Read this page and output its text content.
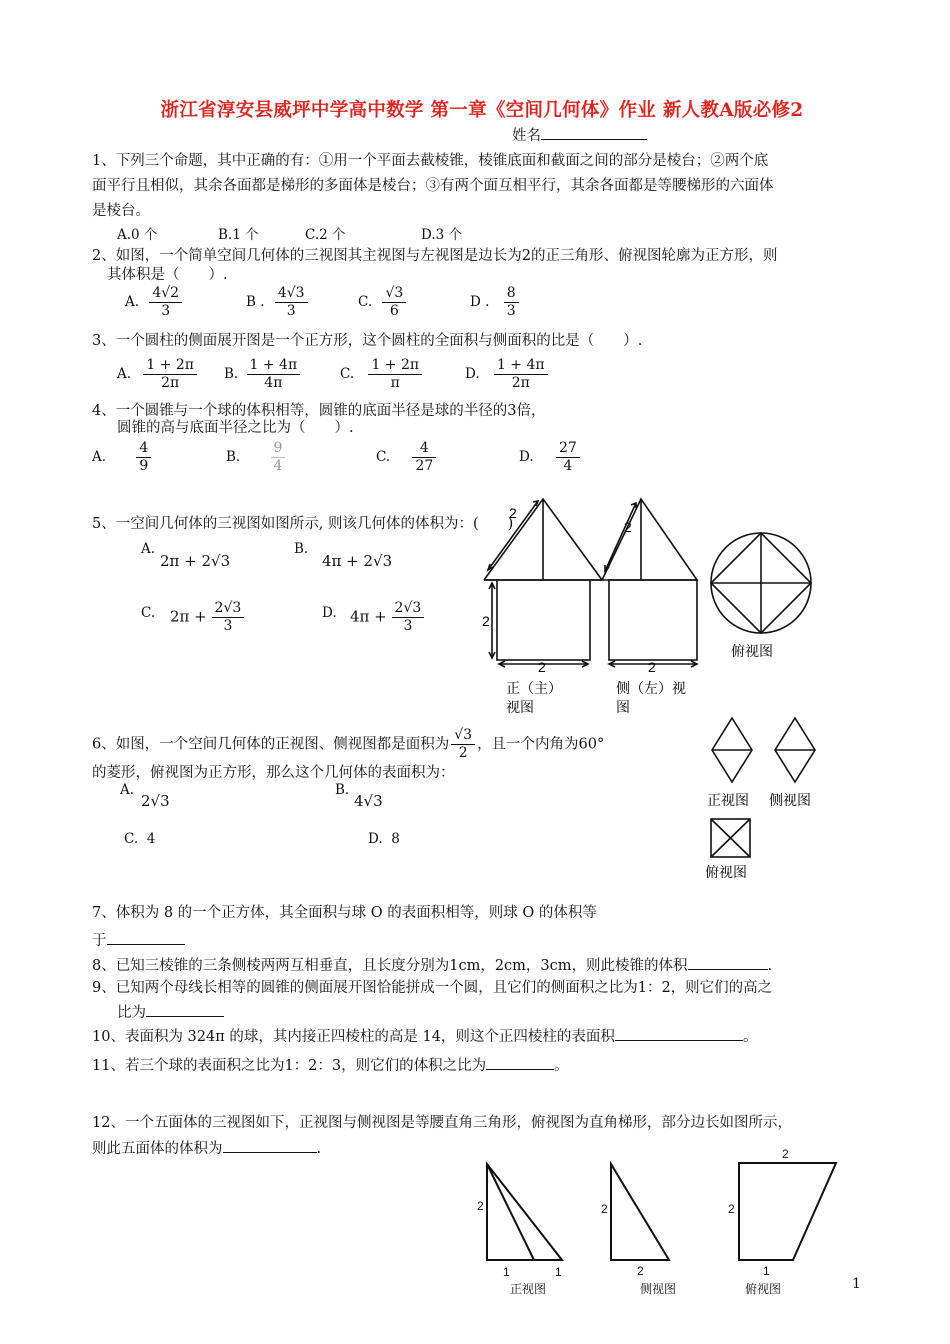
浙江省淳安县威坪中学高中数学 第一章《空间几何体》作业 新人教A版必修2
姓名
1、下列三个命题，其中正确的有：①用一个平面去截棱锥，棱锥底面和截面之间的部分是棱台；②两个底
面平行且相似，其余各面都是梯形的多面体是棱台；③有两个面互相平行，其余各面都是等腰梯形的六面体
是棱台。
A.0 个	B.1 个	C.2 个	D.3 个
2、如图，一个简单空间几何体的三视图其主视图与左视图是边长为2的正三角形、俯视图轮廓为正方形，则
其体积是（　　）.
A. $\frac{4√2}{3}$	B . $\frac{4√3}{3}$	C. $\frac{√3}{6}$	D . $\frac{8}{3}$
3、一个圆柱的侧面展开图是一个正方形，这个圆柱的全面积与侧面积的比是（　　）.
A. $\frac{1 + 2\pi}{2\pi} B$. $\frac{1 + 4\pi}{4\pi}$	C. $\frac{1 + 2\pi}{\pi}$	D. $\frac{1 + 4\pi}{2\pi}$
4、一个圆锥与一个球的体积相等，圆锥的底面半径是球的半径的3倍，
圆锥的高与底面半径之比为（　　）.
A. $\frac{4}{9}$	B. $\frac{9}{4}$	C. $\frac{4}{27}$	D. $\frac{27}{4}$
5、一空间几何体的三视图如图所示, 则该几何体的体积为：(　　)
A.
2π + 2√3
B.
4π + 2√3
C. $2\pi + \frac{2√3}{3}$	D. $4\pi + \frac{2√3}{3}$
2
2
2
2	2
正（主）
视图
侧（左）视
图
俯视图
6、如图，一个空间几何体的正视图、侧视图都是面积为 $\frac{√3}{2}$ ，且一个内角为60°
的菱形，俯视图为正方形，那么这个几何体的表面积为：
A.
2√3
B.
4√3
C. 4	D. 8
正视图 侧视图
俯视图
7、体积为 8 的一个正方体，其全面积与球 O 的表面积相等，则球 O 的体积等
于
8、已知三棱锥的三条侧棱两两互相垂直，且长度分别为1cm，2cm，3cm，则此棱锥的体积	.
9、已知两个母线长相等的圆锥的侧面展开图恰能拼成一个圆，且它们的侧面积之比为1：2，则它们的高之
比为
10、表面积为 324π 的球，其内接正四棱柱的高是 14，则这个正四棱柱的表面积	。
11、若三个球的表面积之比为1：2：3，则它们的体积之比为	。
12、一个五面体的三视图如下，正视图与侧视图是等腰直角三角形，俯视图为直角梯形，部分边长如图所示，
则此五面体的体积为	.
2
1	1
2
2
2
2
1
正视图	侧视图	俯视图	1
